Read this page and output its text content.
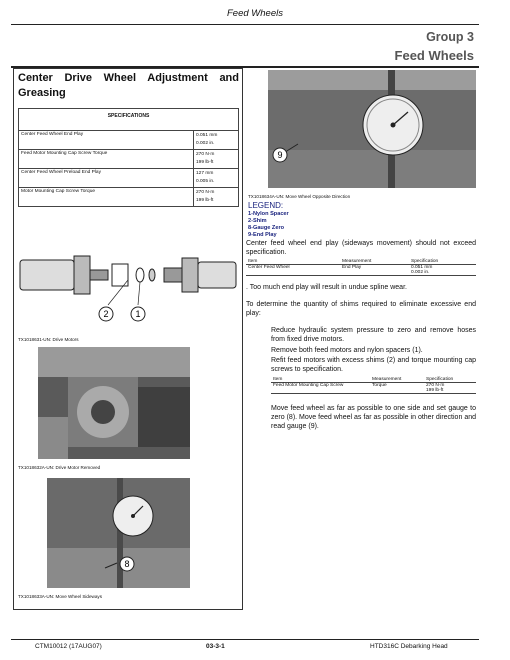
Feed Wheels
Group 3
Feed Wheels
Center Drive Wheel Adjustment and Greasing
SPECIFICATIONS	
Center Feed Wheel End Play	0.051 mm
0.002 in.

Feed Motor Mounting Cap Screw Torque	270 N·m
199 lb-ft

Center Feed Wheel Preload End Play	127 mm
0.005 in.

Motor Mounting Cap Screw Torque	270 N·m
199 lb-ft
2	1
TX1018631-UN: Drive Motors
TX1018632A-UN: Drive Motor Removed
8
TX1018633A-UN: Move Wheel Sideways
9
TX1018634A-UN: Move Wheel Opposite Direction
LEGEND:
1-Nylon Spacer
2-Shim
8-Gauge Zero
9-End Play
Center feed wheel end play (sideways movement) should not exceed specification.
Item	Measurement	Specification
Center Feed Wheel	End Play	0.051 mm
0.002 in.
. Too much end play will result in undue spline wear.
To determine the quantity of shims required to eliminate excessive end play:
Reduce hydraulic system pressure to zero and remove hoses from fixed drive motors.
Remove both feed motors and nylon spacers (1).
Refit feed motors with excess shims (2) and torque mounting cap screws to specification.
Item	Measurement	Specification
Feed Motor Mounting Cap Screw	Torque	270 N·m
199 lb-ft
Move feed wheel as far as possible to one side and set gauge to zero (8). Move feed wheel as far as possible in other direction and read gauge (9).
CTM10012 (17AUG07)	03-3-1	HTD316C Debarking Head
